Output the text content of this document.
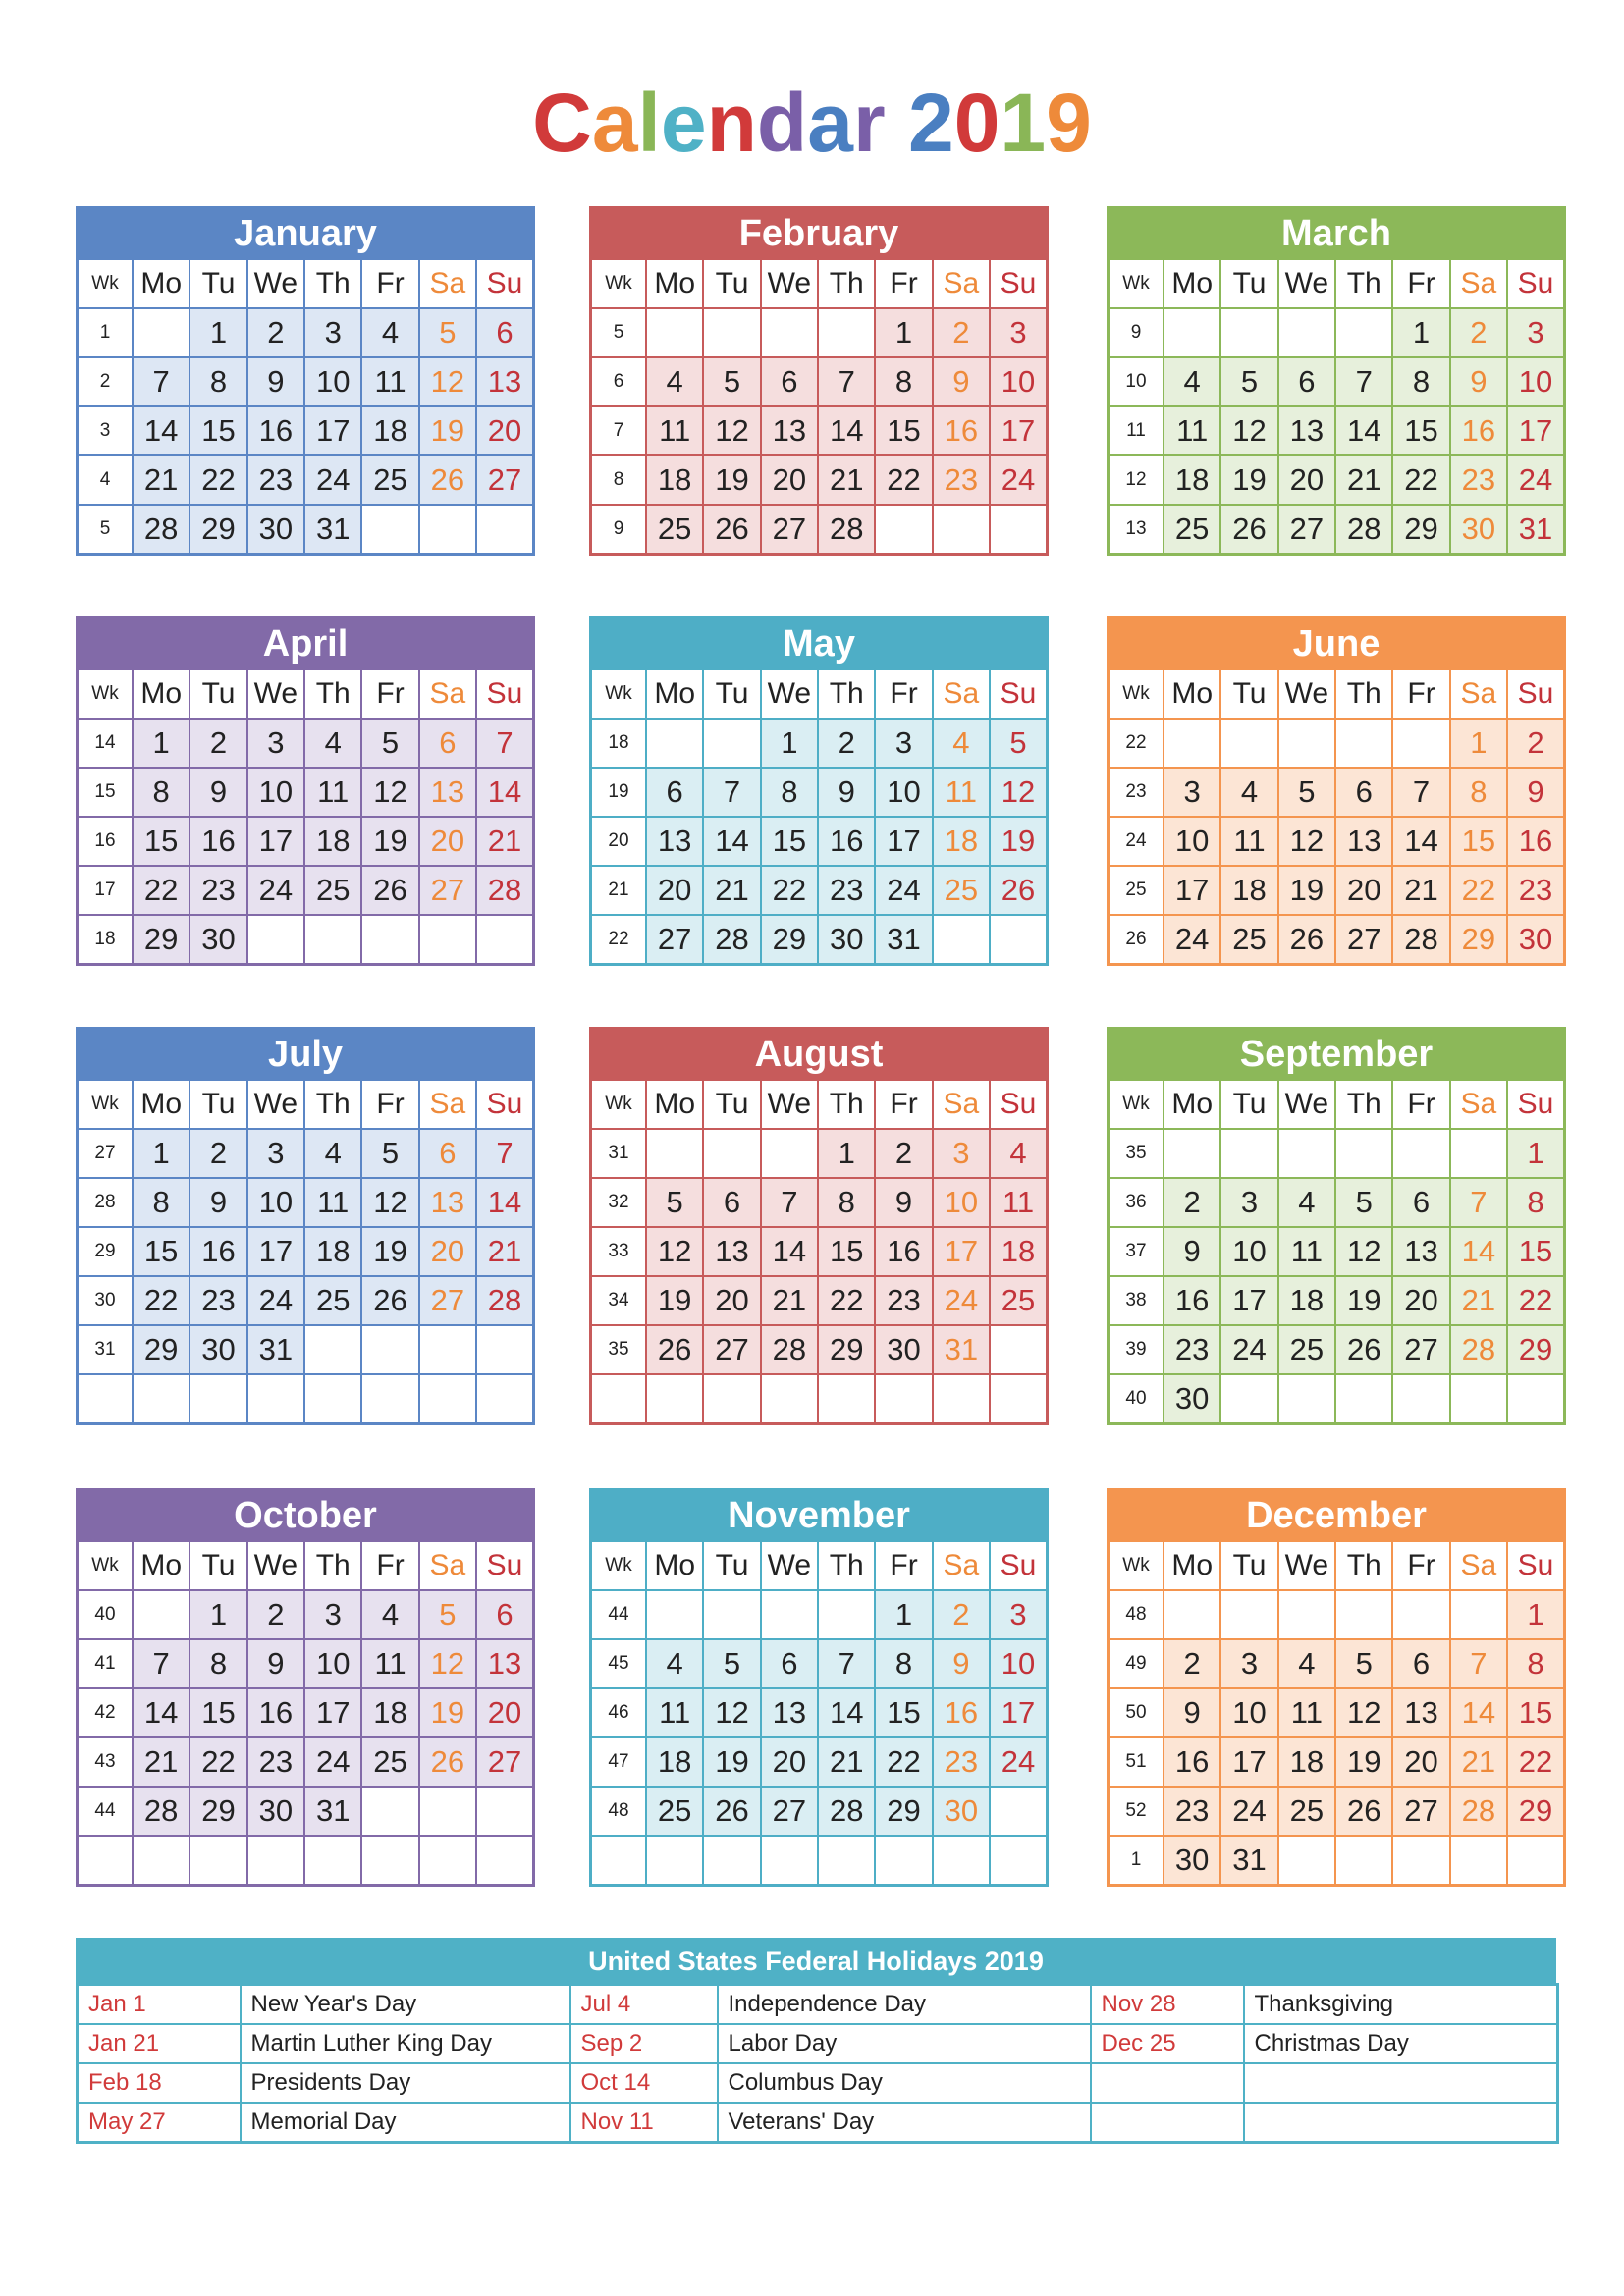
Calendar 2019
January
Wk	Mo	Tu	We	Th	Fr	Sa	Su
1		1	2	3	4	5	6
2	7	8	9	10	11	12	13
3	14	15	16	17	18	19	20
4	21	22	23	24	25	26	27
5	28	29	30	31			
February
Wk	Mo	Tu	We	Th	Fr	Sa	Su
5					1	2	3
6	4	5	6	7	8	9	10
7	11	12	13	14	15	16	17
8	18	19	20	21	22	23	24
9	25	26	27	28			
March
Wk	Mo	Tu	We	Th	Fr	Sa	Su
9					1	2	3
10	4	5	6	7	8	9	10
11	11	12	13	14	15	16	17
12	18	19	20	21	22	23	24
13	25	26	27	28	29	30	31
April
Wk	Mo	Tu	We	Th	Fr	Sa	Su
14	1	2	3	4	5	6	7
15	8	9	10	11	12	13	14
16	15	16	17	18	19	20	21
17	22	23	24	25	26	27	28
18	29	30					
May
Wk	Mo	Tu	We	Th	Fr	Sa	Su
18			1	2	3	4	5
19	6	7	8	9	10	11	12
20	13	14	15	16	17	18	19
21	20	21	22	23	24	25	26
22	27	28	29	30	31		
June
Wk	Mo	Tu	We	Th	Fr	Sa	Su
22						1	2
23	3	4	5	6	7	8	9
24	10	11	12	13	14	15	16
25	17	18	19	20	21	22	23
26	24	25	26	27	28	29	30
July
Wk	Mo	Tu	We	Th	Fr	Sa	Su
27	1	2	3	4	5	6	7
28	8	9	10	11	12	13	14
29	15	16	17	18	19	20	21
30	22	23	24	25	26	27	28
31	29	30	31				

August
Wk	Mo	Tu	We	Th	Fr	Sa	Su
31				1	2	3	4
32	5	6	7	8	9	10	11
33	12	13	14	15	16	17	18
34	19	20	21	22	23	24	25
35	26	27	28	29	30	31	

September
Wk	Mo	Tu	We	Th	Fr	Sa	Su
35							1
36	2	3	4	5	6	7	8
37	9	10	11	12	13	14	15
38	16	17	18	19	20	21	22
39	23	24	25	26	27	28	29
40	30						
October
Wk	Mo	Tu	We	Th	Fr	Sa	Su
40		1	2	3	4	5	6
41	7	8	9	10	11	12	13
42	14	15	16	17	18	19	20
43	21	22	23	24	25	26	27
44	28	29	30	31			

November
Wk	Mo	Tu	We	Th	Fr	Sa	Su
44					1	2	3
45	4	5	6	7	8	9	10
46	11	12	13	14	15	16	17
47	18	19	20	21	22	23	24
48	25	26	27	28	29	30	

December
Wk	Mo	Tu	We	Th	Fr	Sa	Su
48							1
49	2	3	4	5	6	7	8
50	9	10	11	12	13	14	15
51	16	17	18	19	20	21	22
52	23	24	25	26	27	28	29
1	30	31					
United States Federal Holidays 2019
Jan 1	New Year's Day	Jul 4	Independence Day	Nov 28	Thanksgiving
Jan 21	Martin Luther King Day	Sep 2	Labor Day	Dec 25	Christmas Day
Feb 18	Presidents Day	Oct 14	Columbus Day		
May 27	Memorial Day	Nov 11	Veterans' Day		
